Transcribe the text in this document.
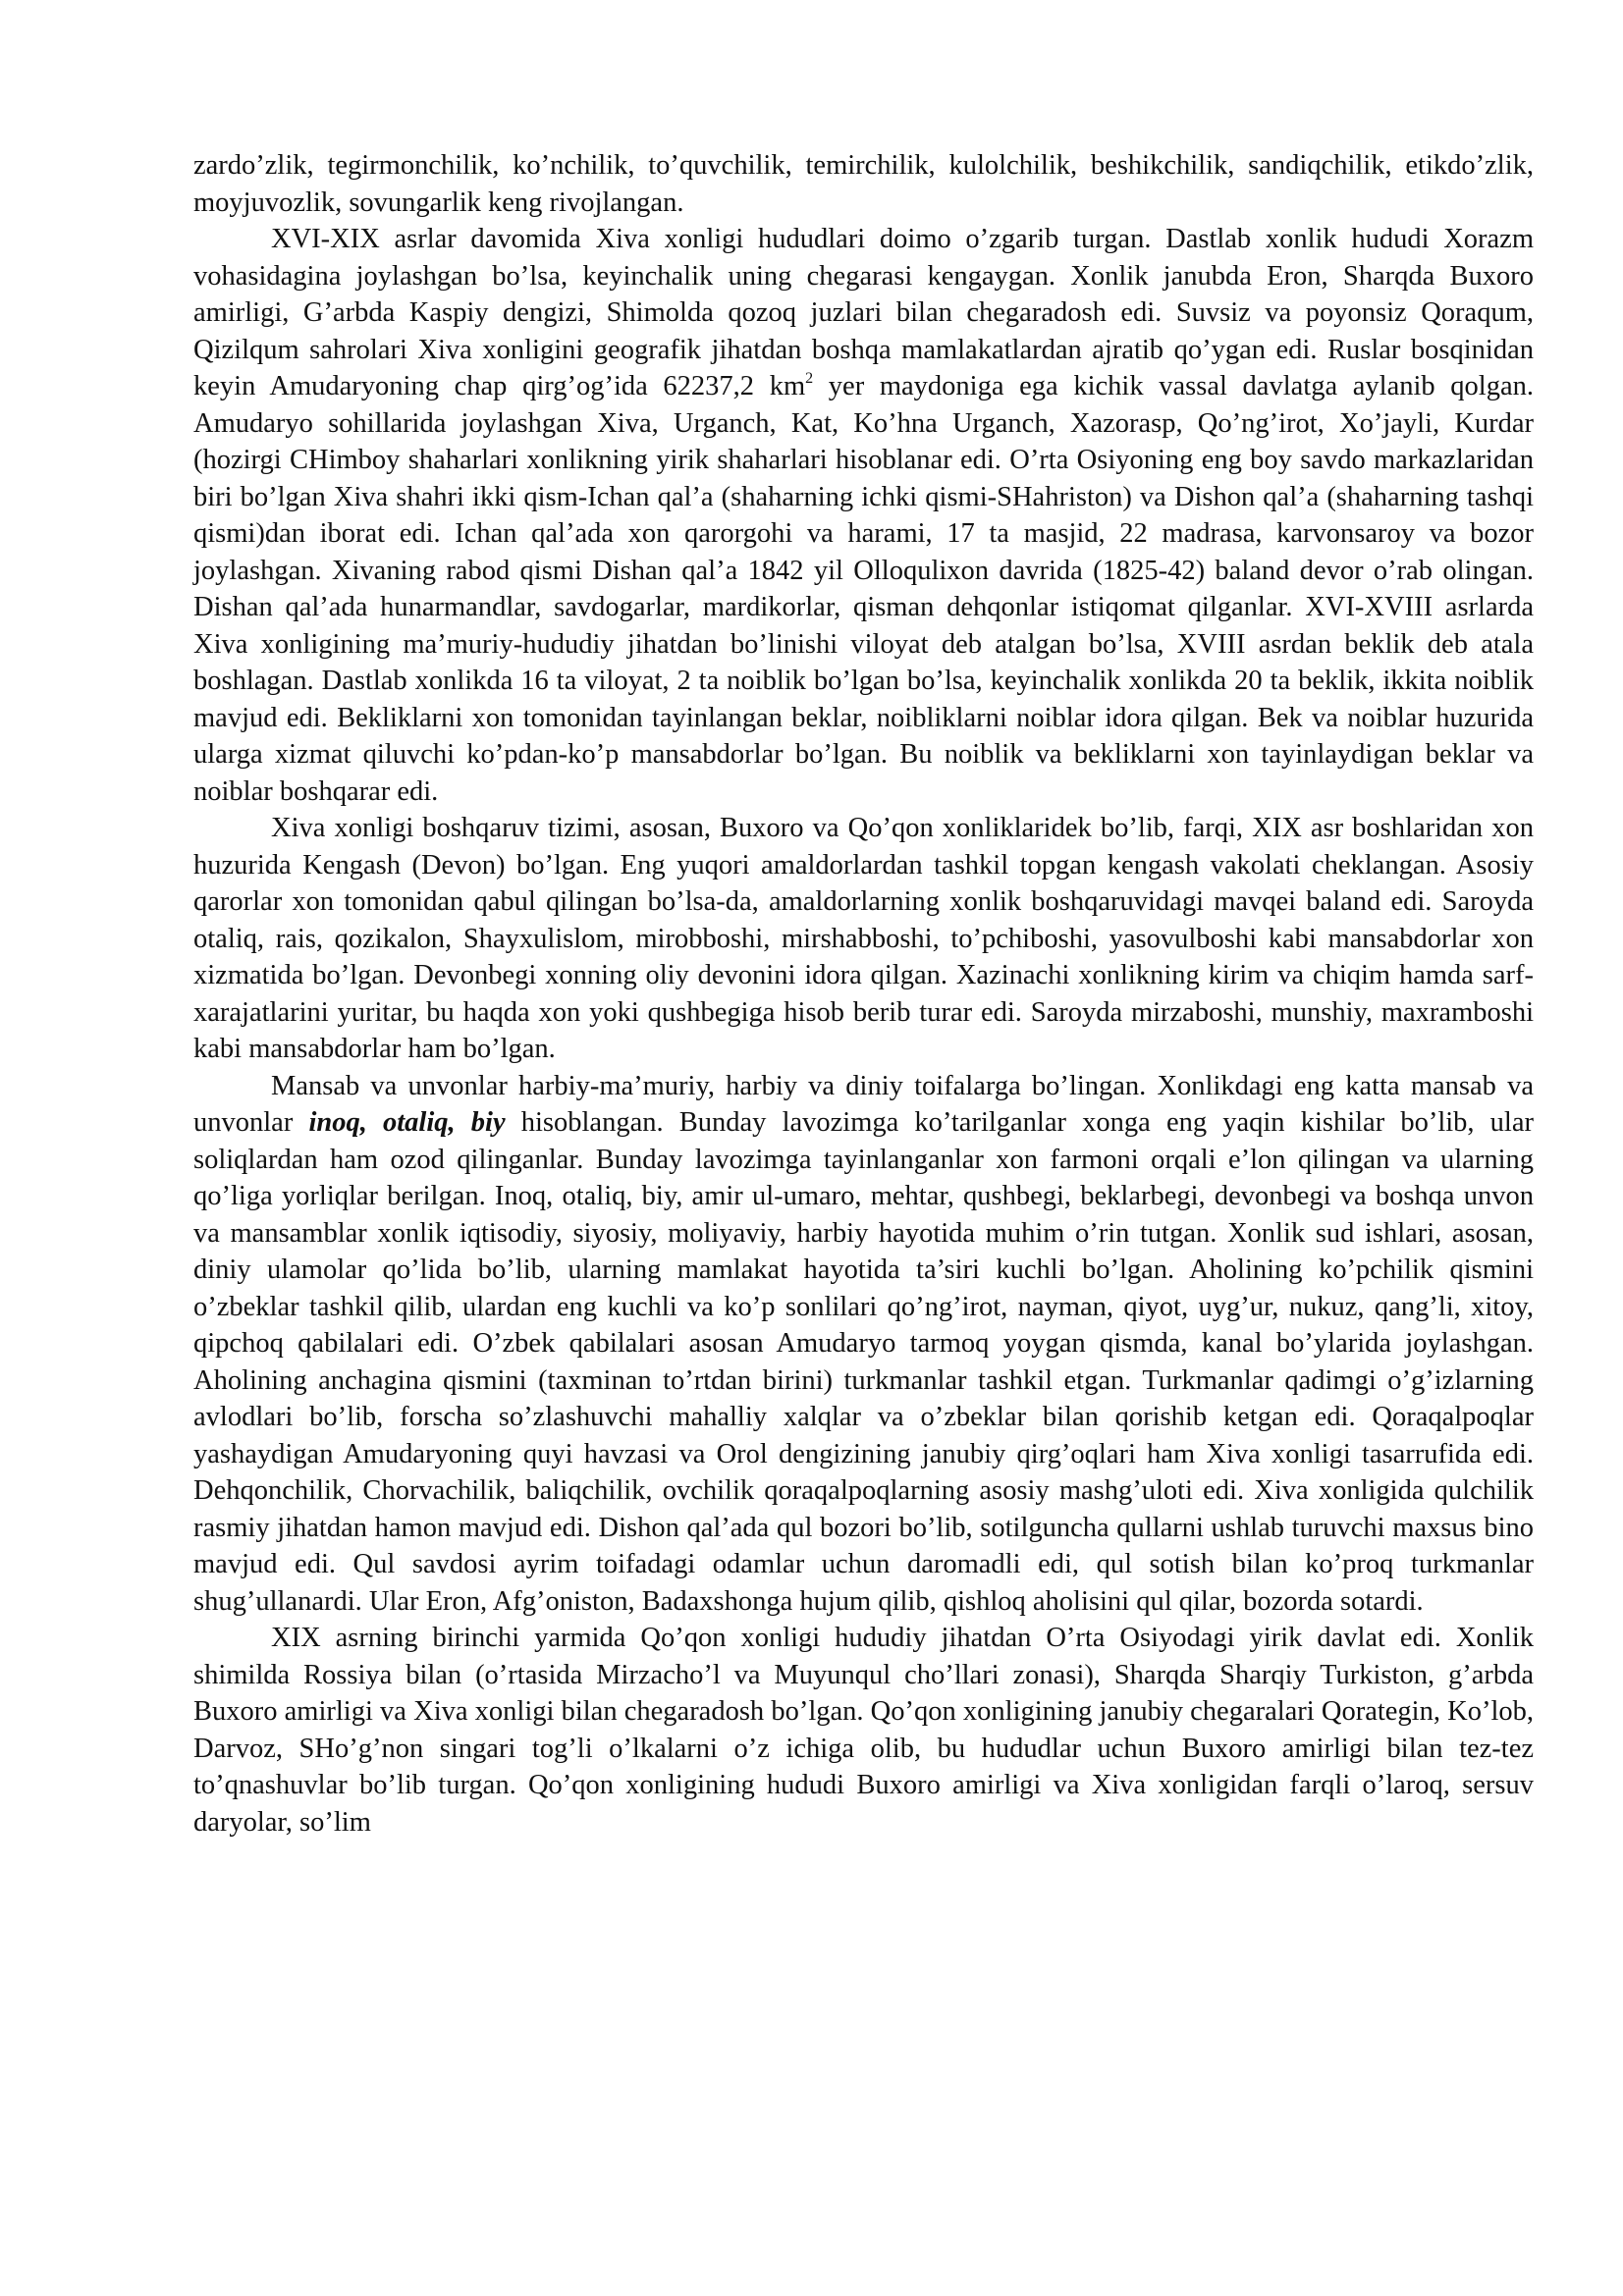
zardo’zlik, tegirmonchilik, ko’nchilik, to’quvchilik, temirchilik, kulolchilik, beshikchilik, sandiqchilik, etikdo’zlik, moyjuvozlik, sovungarlik keng rivojlangan.

XVI-XIX asrlar davomida Xiva xonligi hududlari doimo o’zgarib turgan. Dastlab xonlik hududi Xorazm vohasidagina joylashgan bo’lsa, keyinchalik uning chegarasi kengaygan. Xonlik janubda Eron, Sharqda Buxoro amirligi, G’arbda Kaspiy dengizi, Shimolda qozoq juzlari bilan chegaradosh edi. Suvsiz va poyonsiz Qoraqum, Qizilqum sahrolari Xiva xonligini geografik jihatdan boshqa mamlakatlardan ajratib qo’ygan edi. Ruslar bosqinidan keyin Amudaryoning chap qirg’og’ida 62237,2 $km^2$ yer maydoniga ega kichik vassal davlatga aylanib qolgan. Amudaryo sohillarida joylashgan Xiva, Urganch, Kat, Ko’hna Urganch, Xazorasp, Qo’ng’irot, Xo’jayli, Kurdar (hozirgi CHimboy shaharlari xonlikning yirik shaharlari hisoblanar edi. O’rta Osiyoning eng boy savdo markazlaridan biri bo’lgan Xiva shahri ikki qism-Ichan qal’a (shaharning ichki qismi-SHahriston) va Dishon qal’a (shaharning tashqi qismi)dan iborat edi. Ichan qal’ada xon qarorgohi va harami, 17 ta masjid, 22 madrasa, karvonsaroy va bozor joylashgan. Xivaning rabod qismi Dishan qal’a 1842 yil Olloqulixon davrida (1825-42) baland devor o’rab olingan. Dishan qal’ada hunarmandlar, savdogarlar, mardikorlar, qisman dehqonlar istiqomat qilganlar. XVI-XVIII asrlarda Xiva xonligining ma’muriy-hududiy jihatdan bo’linishi viloyat deb atalgan bo’lsa, XVIII asrdan beklik deb atala boshlagan. Dastlab xonlikda 16 ta viloyat, 2 ta noiblik bo’lgan bo’lsa, keyinchalik xonlikda 20 ta beklik, ikkita noiblik mavjud edi. Bekliklarni xon tomonidan tayinlangan beklar, noibliklarni noiblar idora qilgan. Bek va noiblar huzurida ularga xizmat qiluvchi ko’pdan-ko’p mansabdorlar bo’lgan. Bu noiblik va bekliklarni xon tayinlaydigan beklar va noiblar boshqarar edi.

Xiva xonligi boshqaruv tizimi, asosan, Buxoro va Qo’qon xonliklaridek bo’lib, farqi, XIX asr boshlaridan xon huzurida Kengash (Devon) bo’lgan. Eng yuqori amaldorlardan tashkil topgan kengash vakolati cheklangan. Asosiy qarorlar xon tomonidan qabul qilingan bo’lsa-da, amaldorlarning xonlik boshqaruvidagi mavqei baland edi. Saroyda otaliq, rais, qozikalon, Shayxulislom, mirobboshi, mirshabboshi, to’pchiboshi, yasovulboshi kabi mansabdorlar xon xizmatida bo’lgan. Devonbegi xonning oliy devonini idora qilgan. Xazinachi xonlikning kirim va chiqim hamda sarf-xarajatlarini yuritar, bu haqda xon yoki qushbegiga hisob berib turar edi. Saroyda mirzaboshi, munshiy, maxramboshi kabi mansabdorlar ham bo’lgan.

Mansab va unvonlar harbiy-ma’muriy, harbiy va diniy toifalarga bo’lingan. Xonlikdagi eng katta mansab va unvonlar inoq, otaliq, biy hisoblangan. Bunday lavozimga ko’tarilganlar xonga eng yaqin kishilar bo’lib, ular soliqlardan ham ozod qilinganlar. Bunday lavozimga tayinlanganlar xon farmoni orqali e’lon qilingan va ularning qo’liga yorliqlar berilgan. Inoq, otaliq, biy, amir ul-umaro, mehtar, qushbegi, beklarbegi, devonbegi va boshqa unvon va mansamblar xonlik iqtisodiy, siyosiy, moliyaviy, harbiy hayotida muhim o’rin tutgan. Xonlik sud ishlari, asosan, diniy ulamolar qo’lida bo’lib, ularning mamlakat hayotida ta’siri kuchli bo’lgan. Aholining ko’pchilik qismini o’zbeklar tashkil qilib, ulardan eng kuchli va ko’p sonlilari qo’ng’irot, nayman, qiyot, uyg’ur, nukuz, qang’li, xitoy, qipchoq qabilalari edi. O’zbek qabilalari asosan Amudaryo tarmoq yoygan qismda, kanal bo’ylarida joylashgan. Aholining anchagina qismini (taxminan to’rtdan birini) turkmanlar tashkil etgan. Turkmanlar qadimgi o’g’izlarning avlodlari bo’lib, forscha so’zlashuvchi mahalliy xalqlar va o’zbeklar bilan qorishib ketgan edi. Qoraqalpoqlar yashaydigan Amudaryoning quyi havzasi va Orol dengizining janubiy qirg’oqlari ham Xiva xonligi tasarrufida edi. Dehqonchilik, Chorvachilik, baliqchilik, ovchilik qoraqalpoqlarning asosiy mashg’uloti edi. Xiva xonligida qulchilik rasmiy jihatdan hamon mavjud edi. Dishon qal’ada qul bozori bo’lib, sotilguncha qullarni ushlab turuvchi maxsus bino mavjud edi. Qul savdosi ayrim toifadagi odamlar uchun daromadli edi, qul sotish bilan ko’proq turkmanlar shug’ullanardi. Ular Eron, Afg’oniston, Badaxshonga hujum qilib, qishloq aholisini qul qilar, bozorda sotardi.

XIX asrning birinchi yarmida Qo’qon xonligi hududiy jihatdan O’rta Osiyodagi yirik davlat edi. Xonlik shimilda Rossiya bilan (o’rtasida Mirzacho’l va Muyunqul cho’llari zonasi), Sharqda Sharqiy Turkiston, g’arbda Buxoro amirligi va Xiva xonligi bilan chegaradosh bo’lgan. Qo’qon xonligining janubiy chegaralari Qorategin, Ko’lob, Darvoz, SHo’g’non singari tog’li o’lkalarni o’z ichiga olib, bu hududlar uchun Buxoro amirligi bilan tez-tez to’qnashuvlar bo’lib turgan. Qo’qon xonligining hududi Buxoro amirligi va Xiva xonligidan farqli o’laroq, sersuv daryolar, so’lim
